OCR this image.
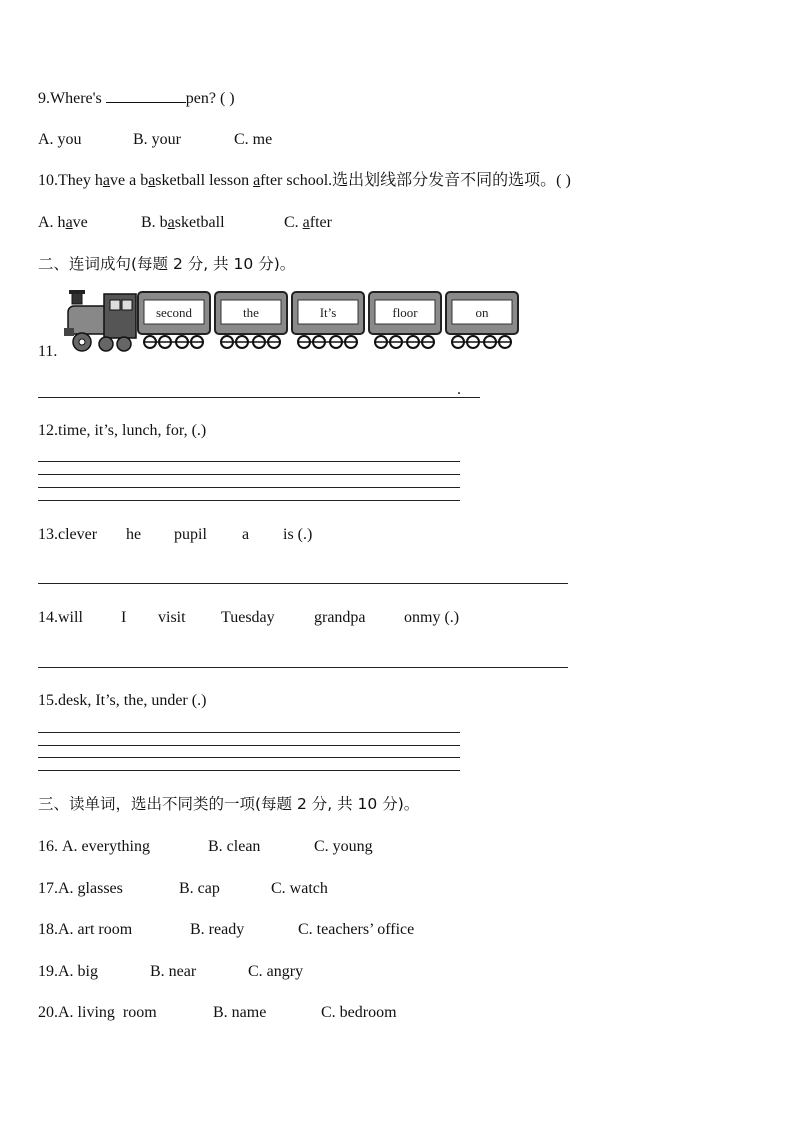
9.Where's	pen? ( )
A. you	B. your	C. me
10.They have a basketball lesson after school.选出划线部分发音不同的选项。( )
A. have	B. basketball	C. after
二、连词成句(每题 2 分, 共 10 分)。
11.
second	the	It’s	floor	on
.
12.time, it’s, lunch, for, (.)
13.clever he pupil a is (.)
14.will I visit Tuesday grandpa onmy (.)
15.desk, It’s, the, under (.)
三、读单词，选出不同类的一项(每题 2 分, 共 10 分)。
16. A. everything	B. clean	C. young
17.A. glasses	B. cap	C. watch
18.A. art room	B. ready	C. teachers’ office
19.A. big	B. near	C. angry
20.A. living  room	B. name	C. bedroom
